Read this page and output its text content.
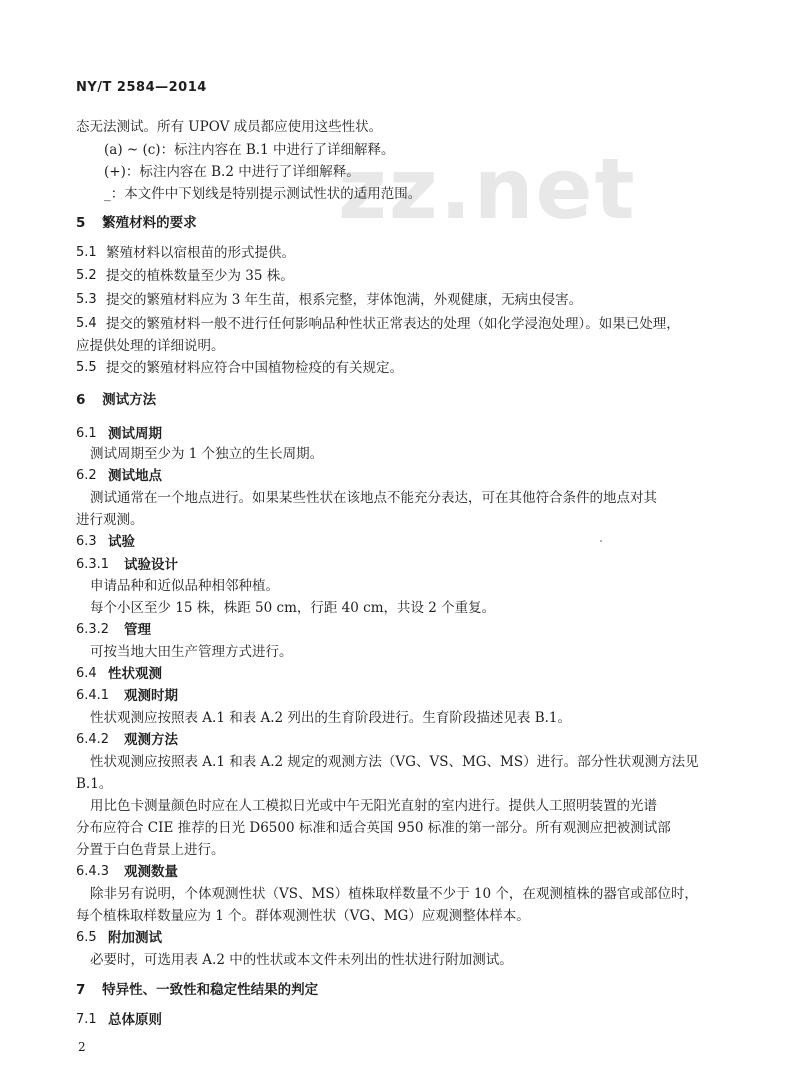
zz.net
NY/T 2584—2014
态无法测试。所有 UPOV 成员都应使用这些性状。
(a) ~ (c)：标注内容在 B.1 中进行了详细解释。
(+)：标注内容在 B.2 中进行了详细解释。
_：本文件中下划线是特别提示测试性状的适用范围。
5 繁殖材料的要求
5.1 繁殖材料以宿根苗的形式提供。
5.2 提交的植株数量至少为 35 株。
5.3 提交的繁殖材料应为 3 年生苗，根系完整，芽体饱满，外观健康，无病虫侵害。
5.4 提交的繁殖材料一般不进行任何影响品种性状正常表达的处理（如化学浸泡处理）。如果已处理，
应提供处理的详细说明。
5.5 提交的繁殖材料应符合中国植物检疫的有关规定。
6 测试方法
6.1 测试周期
测试周期至少为 1 个独立的生长周期。
6.2 测试地点
测试通常在一个地点进行。如果某些性状在该地点不能充分表达，可在其他符合条件的地点对其
进行观测。
6.3 试验
6.3.1 试验设计
申请品种和近似品种相邻种植。
每个小区至少 15 株，株距 50 cm，行距 40 cm，共设 2 个重复。
6.3.2 管理
可按当地大田生产管理方式进行。
6.4 性状观测
6.4.1 观测时期
性状观测应按照表 A.1 和表 A.2 列出的生育阶段进行。生育阶段描述见表 B.1。
6.4.2 观测方法
性状观测应按照表 A.1 和表 A.2 规定的观测方法（VG、VS、MG、MS）进行。部分性状观测方法见
B.1。
用比色卡测量颜色时应在人工模拟日光或中午无阳光直射的室内进行。提供人工照明装置的光谱
分布应符合 CIE 推荐的日光 D6500 标准和适合英国 950 标准的第一部分。所有观测应把被测试部
分置于白色背景上进行。
6.4.3 观测数量
除非另有说明，个体观测性状（VS、MS）植株取样数量不少于 10 个，在观测植株的器官或部位时，
每个植株取样数量应为 1 个。群体观测性状（VG、MG）应观测整体样本。
6.5 附加测试
必要时，可选用表 A.2 中的性状或本文件未列出的性状进行附加测试。
7 特异性、一致性和稳定性结果的判定
7.1 总体原则
2
